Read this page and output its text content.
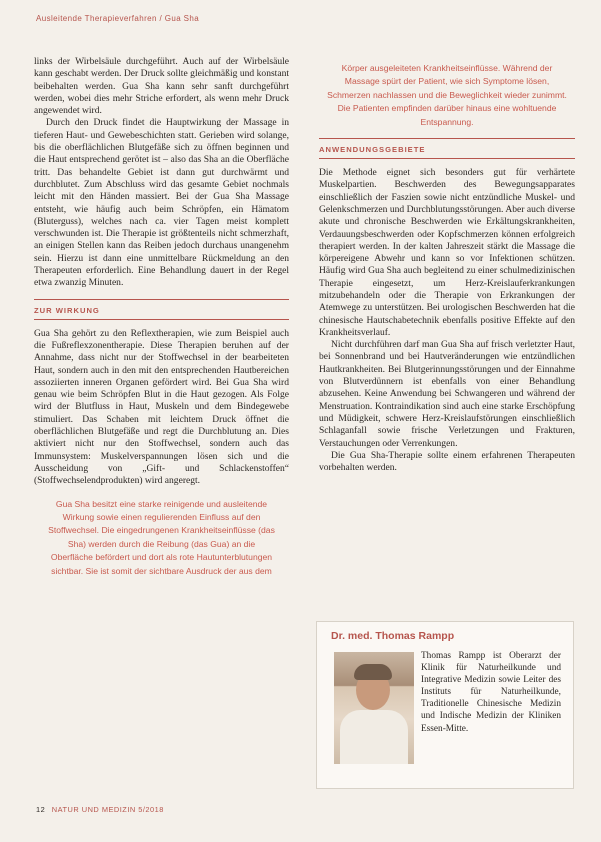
Ausleitende Therapieverfahren / Gua Sha

links der Wirbelsäule durchgeführt. Auch auf der Wirbelsäule kann geschabt werden. Der Druck sollte gleichmäßig und konstant beibehalten werden. Gua Sha kann sehr sanft durchgeführt werden, wobei dies mehr Striche erfordert, als wenn mehr Druck angewendet wird.

Durch den Druck findet die Hauptwirkung der Massage in tieferen Haut- und Gewebeschichten statt. Gerieben wird solange, bis die oberflächlichen Blutgefäße sich zu öffnen beginnen und die Haut entsprechend gerötet ist – also das Sha an die Oberfläche tritt. Das behandelte Gebiet ist dann gut durchwärmt und durchblutet. Zum Abschluss wird das gesamte Gebiet nochmals leicht mit den Händen massiert. Bei der Gua Sha Massage entsteht, wie häufig auch beim Schröpfen, ein Hämatom (Bluterguss), welches nach ca. vier Tagen meist komplett verschwunden ist. Die Therapie ist größtenteils nicht schmerzhaft, an einigen Stellen kann das Reiben jedoch durchaus unangenehm sein. Hierzu ist dann eine unmittelbare Rückmeldung an den Therapeuten erforderlich. Eine Behandlung dauert in der Regel etwa zwanzig Minuten.

ZUR WIRKUNG

Gua Sha gehört zu den Reflextherapien, wie zum Beispiel auch die Fußreflexzonentherapie. Diese Therapien beruhen auf der Annahme, dass nicht nur der Stoffwechsel in der bearbeiteten Haut, sondern auch in den mit den entsprechenden Hautbereichen assoziierten inneren Organen gefördert wird. Bei Gua Sha wird genau wie beim Schröpfen Blut in die Haut gezogen. Als Folge wird der Blutfluss in Haut, Muskeln und dem Bindegewebe stimuliert. Das Schaben mit leichtem Druck öffnet die oberflächlichen Blutgefäße und regt die Durchblutung an. Dies aktiviert nicht nur den Stoffwechsel, sondern auch das Immunsystem: Muskelverspannungen lösen sich und die Ausscheidung von „Gift- und Schlackenstoffen“ (Stoffwechselendprodukten) wird angeregt.

Gua Sha besitzt eine starke reinigende und ausleitende Wirkung sowie einen regulierenden Einfluss auf den Stoffwechsel. Die eingedrungenen Krankheitseinflüsse (das Sha) werden durch die Reibung (das Gua) an die Oberfläche befördert und dort als rote Hautunterblutungen sichtbar. Sie ist somit der sichtbare Ausdruck der aus dem

Körper ausgeleiteten Krankheitseinflüsse. Während der Massage spürt der Patient, wie sich Symptome lösen, Schmerzen nachlassen und die Beweglichkeit wieder zunimmt. Die Patienten empfinden darüber hinaus eine wohltuende Entspannung.

ANWENDUNGSGEBIETE

Die Methode eignet sich besonders gut für verhärtete Muskelpartien. Beschwerden des Bewegungsapparates einschließlich der Faszien sowie nicht entzündliche Muskel- und Gelenkschmerzen und Durchblutungsstörungen. Aber auch diverse akute und chronische Beschwerden wie Erkältungskrankheiten, Verdauungsbeschwerden oder Kopfschmerzen können erfolgreich therapiert werden. In der kalten Jahreszeit stärkt die Massage die körpereigene Abwehr und kann so vor Infektionen schützen. Häufig wird Gua Sha auch begleitend zu einer schulmedizinischen Therapie eingesetzt, um Herz-Kreislauferkrankungen mitzubehandeln oder die Therapie von Erkrankungen der Atemwege zu unterstützen. Bei urologischen Beschwerden hat die chinesische Hautschabetechnik ebenfalls positive Effekte auf den Krankheitsverlauf.

Nicht durchführen darf man Gua Sha auf frisch verletzter Haut, bei Sonnenbrand und bei Hautveränderungen wie entzündlichen Hautkrankheiten. Bei Blutgerinnungsstörungen und der Einnahme von Blutverdünnern ist ebenfalls von einer Behandlung abzusehen. Keine Anwendung bei Schwangeren und während der Menstruation. Kontraindikation sind auch eine starke Erschöpfung und Müdigkeit, schwere Herz-Kreislaufstörungen einschließlich Schlaganfall sowie frische Verletzungen und Frakturen, Verstauchungen oder Verrenkungen.

Die Gua Sha-Therapie sollte einem erfahrenen Therapeuten vorbehalten werden.

Dr. med. Thomas Rampp

Thomas Rampp ist Oberarzt der Klinik für Naturheilkunde und Integrative Medizin sowie Leiter des Instituts für Naturheilkunde, Traditionelle Chinesische Medizin und Indische Medizin der Kliniken Essen-Mitte.

12 NATUR UND MEDIZIN 5/2018
